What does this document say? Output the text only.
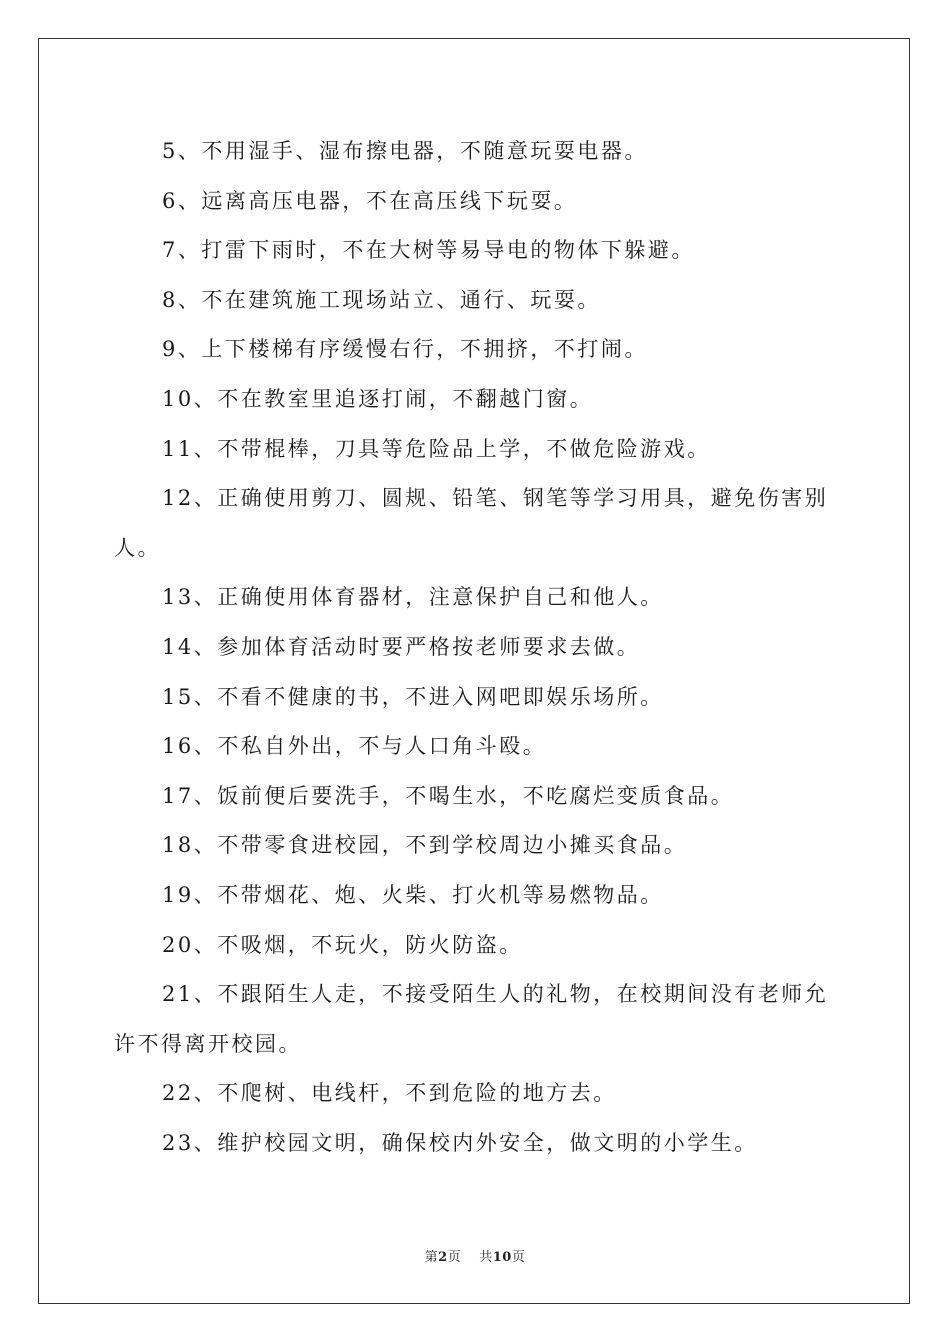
5、不用湿手、湿布擦电器，不随意玩耍电器。

6、远离高压电器，不在高压线下玩耍。

7、打雷下雨时，不在大树等易导电的物体下躲避。

8、不在建筑施工现场站立、通行、玩耍。

9、上下楼梯有序缓慢右行，不拥挤，不打闹。

10、不在教室里追逐打闹，不翻越门窗。

11、不带棍棒，刀具等危险品上学，不做危险游戏。

12、正确使用剪刀、圆规、铅笔、钢笔等学习用具，避免伤害别人。

13、正确使用体育器材，注意保护自己和他人。

14、参加体育活动时要严格按老师要求去做。

15、不看不健康的书，不进入网吧即娱乐场所。

16、不私自外出，不与人口角斗殴。

17、饭前便后要洗手，不喝生水，不吃腐烂变质食品。

18、不带零食进校园，不到学校周边小摊买食品。

19、不带烟花、炮、火柴、打火机等易燃物品。

20、不吸烟，不玩火，防火防盗。

21、不跟陌生人走，不接受陌生人的礼物，在校期间没有老师允许不得离开校园。

22、不爬树、电线杆，不到危险的地方去。

23、维护校园文明，确保校内外安全，做文明的小学生。

第2页 共10页
